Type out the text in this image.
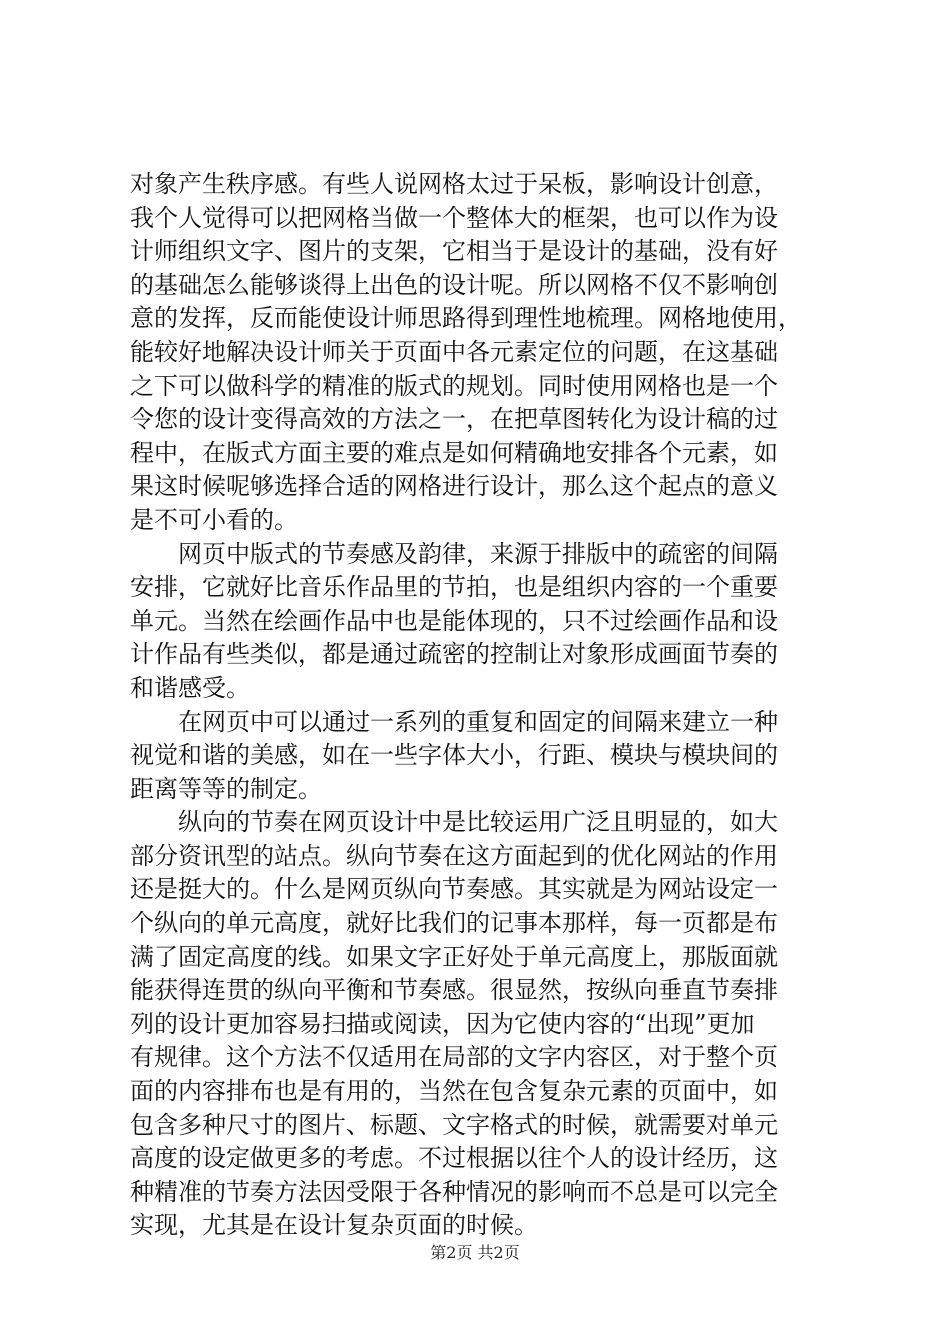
对象产生秩序感。有些人说网格太过于呆板，影响设计创意，
我个人觉得可以把网格当做一个整体大的框架，也可以作为设
计师组织文字、图片的支架，它相当于是设计的基础，没有好
的基础怎么能够谈得上出色的设计呢。所以网格不仅不影响创
意的发挥，反而能使设计师思路得到理性地梳理。网格地使用，
能较好地解决设计师关于页面中各元素定位的问题，在这基础
之下可以做科学的精准的版式的规划。同时使用网格也是一个
令您的设计变得高效的方法之一，在把草图转化为设计稿的过
程中，在版式方面主要的难点是如何精确地安排各个元素，如
果这时候呢够选择合适的网格进行设计，那么这个起点的意义
是不可小看的。
网页中版式的节奏感及韵律，来源于排版中的疏密的间隔
安排，它就好比音乐作品里的节拍，也是组织内容的一个重要
单元。当然在绘画作品中也是能体现的，只不过绘画作品和设
计作品有些类似，都是通过疏密的控制让对象形成画面节奏的
和谐感受。
在网页中可以通过一系列的重复和固定的间隔来建立一种
视觉和谐的美感，如在一些字体大小，行距、模块与模块间的
距离等等的制定。
纵向的节奏在网页设计中是比较运用广泛且明显的，如大
部分资讯型的站点。纵向节奏在这方面起到的优化网站的作用
还是挺大的。什么是网页纵向节奏感。其实就是为网站设定一
个纵向的单元高度，就好比我们的记事本那样，每一页都是布
满了固定高度的线。如果文字正好处于单元高度上，那版面就
能获得连贯的纵向平衡和节奏感。很显然，按纵向垂直节奏排
列的设计更加容易扫描或阅读，因为它使内容的“出现”更加
有规律。这个方法不仅适用在局部的文字内容区，对于整个页
面的内容排布也是有用的，当然在包含复杂元素的页面中，如
包含多种尺寸的图片、标题、文字格式的时候，就需要对单元
高度的设定做更多的考虑。不过根据以往个人的设计经历，这
种精准的节奏方法因受限于各种情况的影响而不总是可以完全
实现，尤其是在设计复杂页面的时候。
第2页 共2页
